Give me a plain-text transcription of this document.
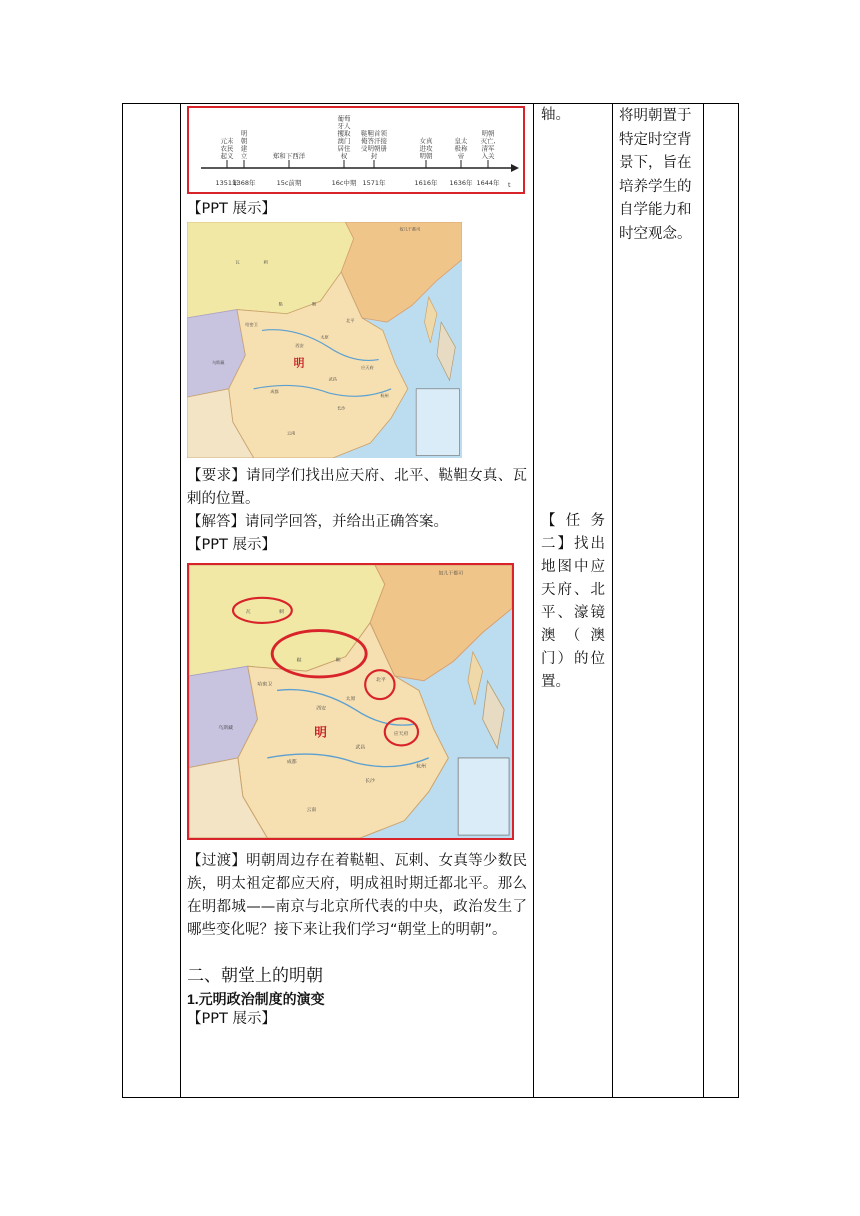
t
元末
农民
起义
1351年
明
朝
建
立
1368年
郑和下西洋
15c前期
葡萄
牙人
攫取
澳门
居住
权
16c中期
鞑靼首领
俺答汗接
受明朝册
封
1571年
女真
进攻
明朝
1616年
皇太
极称
帝
1636年
明朝
灭亡,
清军
入关
1644年
【PPT 展示】
明
瓦	剌
鞑	靼
应天府
北平
西安
太原
武昌
成都
杭州
长沙
云南
哈密卫
乌斯藏
奴儿干都司
【要求】请同学们找出应天府、北平、鞑靼女真、瓦剌的位置。
【解答】请同学回答，并给出正确答案。
【PPT 展示】
明
瓦	剌
鞑	靼
应天府
北平
西安
太原
武昌
成都
杭州
长沙
云南
哈密卫
乌斯藏
奴儿干都司
【过渡】明朝周边存在着鞑靼、瓦剌、女真等少数民族，明太祖定都应天府，明成祖时期迁都北平。那么在明都城——南京与北京所代表的中央，政治发生了哪些变化呢？接下来让我们学习“朝堂上的明朝”。
二、朝堂上的明朝
1.元明政治制度的演变
【PPT 展示】
轴。
【 任 务二】找出地图中应天府、北平、濠镜澳（澳门）的位置。
将明朝置于特定时空背景下，旨在培养学生的自学能力和时空观念。
